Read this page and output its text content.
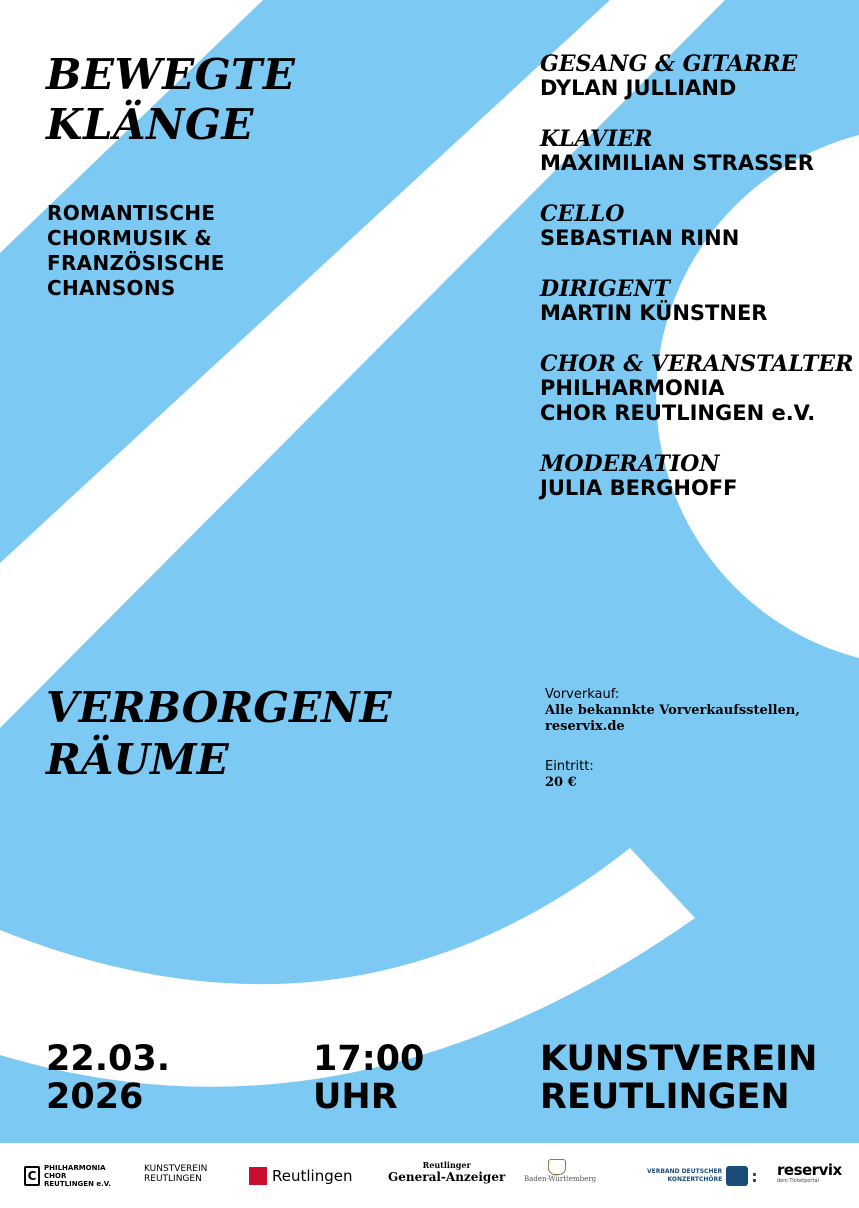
BEWEGTE
KLÄNGE
ROMANTISCHE
CHORMUSIK &
FRANZÖSISCHE
CHANSONS
GESANG & GITARRE
DYLAN JULLIAND
KLAVIER
MAXIMILIAN STRASSER
CELLO
SEBASTIAN RINN
DIRIGENT
MARTIN KÜNSTNER
CHOR & VERANSTALTER
PHILHARMONIA
CHOR REUTLINGEN e.V.
MODERATION
JULIA BERGHOFF
VERBORGENE
RÄUME
Vorverkauf:
Alle bekannkte Vorverkaufsstellen,
reservix.de
Eintritt:
20 €
22.03.
2026
17:00
UHR
KUNSTVEREIN
REUTLINGEN
C
PHILHARMONIA
CHOR
REUTLINGEN e.V.
KUNSTVEREIN
REUTLINGEN	Reutlingen
Reutlinger
General-Anzeiger	Baden-Württemberg
VERBAND DEUTSCHER
KONZERTCHÖRE : reservix
dein Ticketportal
